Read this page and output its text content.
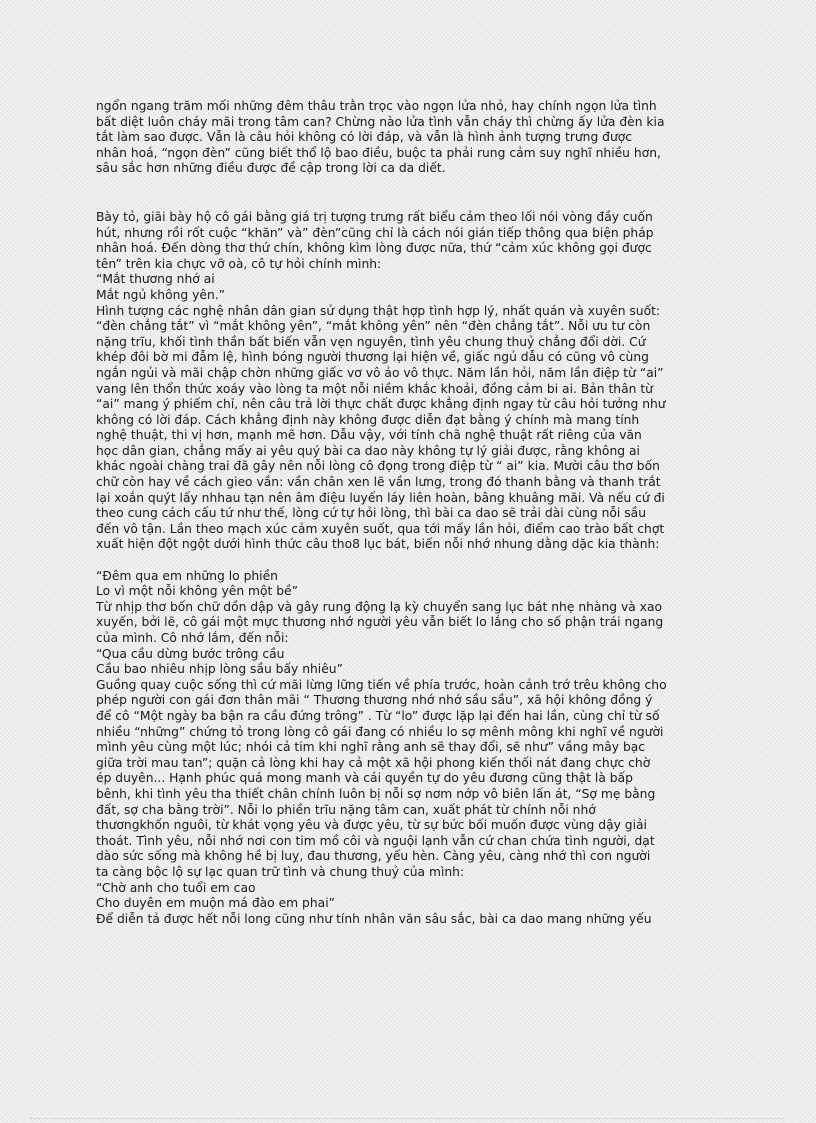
ngổn ngang trăm mối những đêm thâu trằn trọc vào ngọn lửa nhỏ, hay chính ngọn lửa tình
bất diệt luôn cháy mãi trong tâm can? Chừng nào lửa tình vẫn cháy thì chừng ấy lửa đèn kia
tắt làm sao được. Vẫn là câu hỏi không có lời đáp, và vẫn là hình ảnh tượng trưng được
nhân hoá, “ngọn đèn” cũng biết thổ lộ bao điều, buộc ta phải rung cảm suy nghĩ nhiều hơn,
sâu sắc hơn những điều được đề cập trong lời ca da diết.
Bày tỏ, giãi bày hộ cô gái bằng giá trị tượng trưng rất biểu cảm theo lối nói vòng đầy cuốn
hút, nhưng rồi rốt cuộc “khăn” và” đèn”cũng chỉ là cách nói gián tiếp thông qua biện pháp
nhân hoá. Đến dòng thơ thứ chín, không kìm lòng được nữa, thứ “cảm xúc không gọi được
tên” trên kia chực vỡ oà, cô tự hỏi chính mình:
“Mắt thương nhớ ai
Mắt ngủ không yên.”
Hình tượng các nghệ nhân dân gian sử dụng thật hợp tình hợp lý, nhất quán và xuyên suốt:
“đèn chẳng tắt” vì “mắt không yên”, “mắt không yên” nên “đèn chẳng tắt”. Nỗi ưu tư còn
nặng trĩu, khối tình thần bất biến vẫn vẹn nguyên, tình yêu chung thuỷ chẳng đổi dời. Cứ
khép đôi bờ mi đẫm lệ, hình bóng người thương lại hiện về, giấc ngủ dẫu có cũng vô cùng
ngắn ngủi và mãi chập chờn những giấc vơ vô ảo vô thực. Năm lần hỏi, năm lần điệp từ “ai”
vang lên thổn thức xoáy vào lòng ta một nỗi niềm khắc khoải, đồng cảm bi ai. Bản thân từ
“ai” mang ý phiếm chỉ, nên câu trả lời thực chất được khẳng định ngay từ câu hỏi tưởng như
không có lời đáp. Cách khẳng định này không được diễn đạt bằng ý chính mà mang tính
nghệ thuật, thi vị hơn, mạnh mẽ hơn. Dẫu vậy, với tính chã nghệ thuật rất riêng của văn
học dân gian, chẳng mấy ai yêu quý bài ca dao này không tự lý giải được, rằng không ai
khác ngoài chàng trai đã gây nên nỗi lòng cô đọng trong điệp từ “ ai” kia. Mười câu thơ bốn
chữ còn hay về cách gieo vần: vần chân xen lẽ vần lưng, trong đó thanh bằng và thanh trắt
lại xoắn quýt lấy nhhau tạn nên âm điệu luyến láy liên hoàn, bâng khuâng mãi. Và nếu cứ đi
theo cung cách cấu tứ như thế, lòng cứ tự hỏi lòng, thì bài ca dao sẽ trải dài cùng nỗi sầu
đến vô tận. Lần theo mạch xúc cảm xuyên suốt, qua tới mấy lần hỏi, điểm cao trào bất chợt
xuất hiện đột ngột dưới hình thức câu tho8 lục bát, biến nỗi nhớ nhung dằng dặc kia thành:
“Đêm qua em những lo phiền
Lo vì một nỗi không yên một bề”
Từ nhịp thơ bốn chữ dồn dập và gây rung động lạ kỳ chuyển sang lục bát nhẹ nhàng và xao
xuyến, bởi lẽ, cô gái một mực thương nhớ người yêu vẫn biết lo lắng cho số phận trái ngang
của mình. Cô nhớ lắm, đến nỗi:
“Qua cầu dừng bước trông cầu
Cầu bao nhiêu nhịp lòng sầu bấy nhiêu”
Guồng quay cuộc sống thì cứ mãi lừng lững tiến về phía trước, hoàn cảnh trớ trêu không cho
phép người con gái đơn thân mãi “ Thương thương nhớ nhớ sầu sầu”, xã hội không đồng ý
để cô “Một ngày ba bận ra cầu đứng trông” . Từ “lo” được lặp lại đến hai lần, cùng chỉ từ số
nhiều “những” chứng tỏ trong lòng cô gái đang có nhiều lo sợ mênh mông khi nghĩ về người
mình yêu cùng một lúc; nhói cả tim khi nghĩ rằng anh sẽ thay đổi, sẽ như” vầng mây bạc
giữa trời mau tan”; quặn cả lòng khi hay cả một xã hội phong kiến thối nát đang chực chờ
ép duyên... Hạnh phúc quá mong manh và cái quyền tự do yêu đương cũng thật là bấp
bênh, khi tình yêu tha thiết chân chính luôn bị nỗi sợ nơm nớp vô biên lấn át, “Sợ mẹ bằng
đất, sợ cha bằng trời”. Nỗi lo phiền trĩu nặng tâm can, xuất phát từ chính nỗi nhớ
thươngkhốn nguôi, từ khát vọng yêu và được yêu, từ sự bức bối muốn được vùng dậy giải
thoát. Tình yêu, nỗi nhớ nơi con tim mồ côi và nguội lạnh vẫn cứ chan chứa tình người, dạt
dào sức sống mà không hề bị luỵ, đau thương, yếu hèn. Càng yêu, càng nhớ thì con người
ta càng bộc lộ sự lạc quan trữ tình và chung thuỷ của mình:
“Chờ anh cho tuổi em cao
Cho duyên em muộn má đào em phai”
Để diễn tả được hết nỗi long cũng như tính nhân văn sâu sắc, bài ca dao mang những yếu
